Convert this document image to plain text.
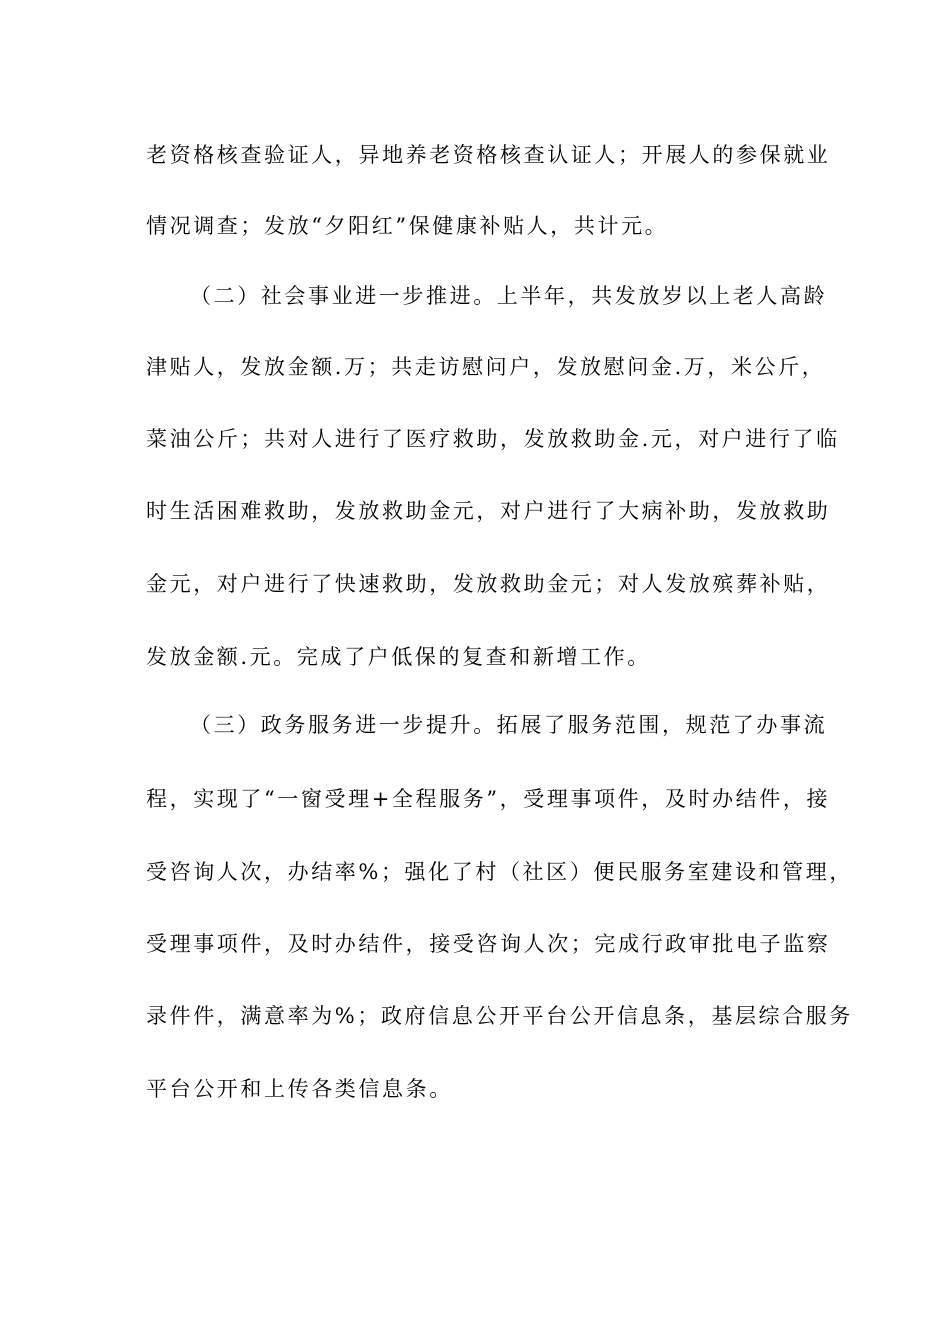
老资格核查验证人，异地养老资格核查认证人；开展人的参保就业
情况调查；发放“夕阳红”保健康补贴人，共计元。
（二）社会事业进一步推进。上半年，共发放岁以上老人高龄
津贴人，发放金额.万；共走访慰问户，发放慰问金.万，米公斤，
菜油公斤；共对人进行了医疗救助，发放救助金.元，对户进行了临
时生活困难救助，发放救助金元，对户进行了大病补助，发放救助
金元，对户进行了快速救助，发放救助金元；对人发放殡葬补贴，
发放金额.元。完成了户低保的复查和新增工作。
（三）政务服务进一步提升。拓展了服务范围，规范了办事流
程，实现了“一窗受理+全程服务”，受理事项件，及时办结件，接
受咨询人次，办结率%；强化了村（社区）便民服务室建设和管理，
受理事项件，及时办结件，接受咨询人次；完成行政审批电子监察
录件件，满意率为%；政府信息公开平台公开信息条，基层综合服务
平台公开和上传各类信息条。
